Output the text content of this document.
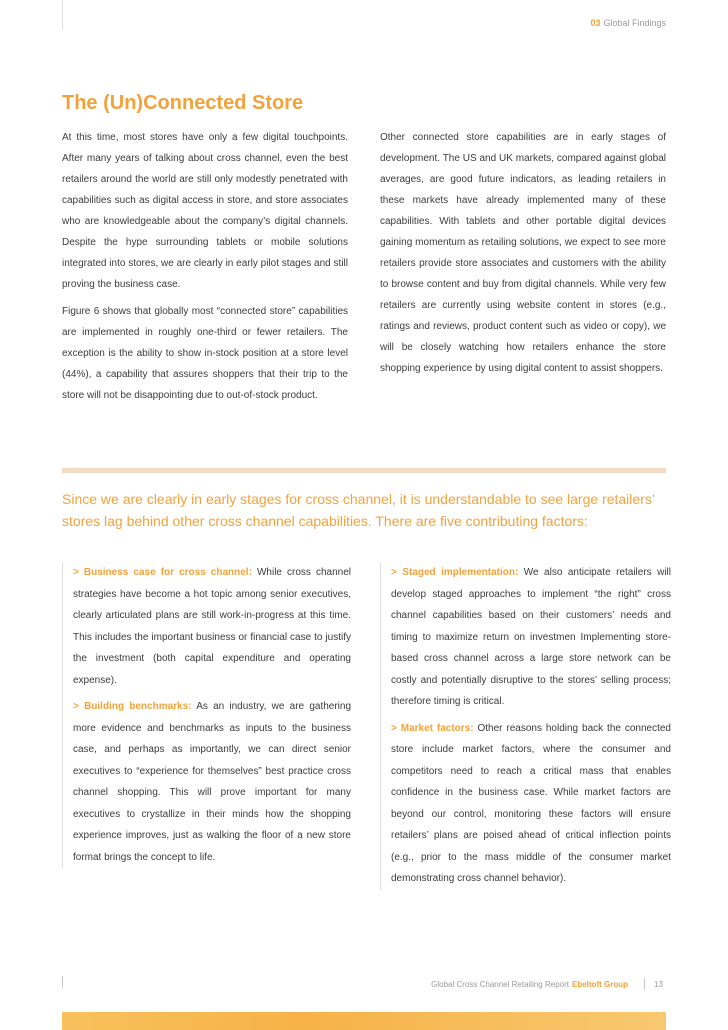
03 Global Findings
The (Un)Connected Store

At this time, most stores have only a few digital touchpoints. After many years of talking about cross channel, even the best retailers around the world are still only modestly penetrated with capabilities such as digital access in store, and store associates who are knowledgeable about the company’s digital channels. Despite the hype surrounding tablets or mobile solutions integrated into stores, we are clearly in early pilot stages and still proving the business case.

Figure 6 shows that globally most “connected store” capabilities are implemented in roughly one-third or fewer retailers. The exception is the ability to show in-stock position at a store level (44%), a capability that assures shoppers that their trip to the store will not be disappointing due to out-of-stock product.

Other connected store capabilities are in early stages of development. The US and UK markets, compared against global averages, are good future indicators, as leading retailers in these markets have already implemented many of these capabilities. With tablets and other portable digital devices gaining momentum as retailing solutions, we expect to see more retailers provide store associates and customers with the ability to browse content and buy from digital channels. While very few retailers are currently using website content in stores (e.g., ratings and reviews, product content such as video or copy), we will be closely watching how retailers enhance the store shopping experience by using digital content to assist shoppers.

Since we are clearly in early stages for cross channel, it is understandable to see large retailers’ stores lag behind other cross channel capabilities. There are five contributing factors:

> Business case for cross channel: While cross channel strategies have become a hot topic among senior executives, clearly articulated plans are still work-in-progress at this time. This includes the important business or financial case to justify the investment (both capital expenditure and operating expense).

> Building benchmarks: As an industry, we are gathering more evidence and benchmarks as inputs to the business case, and perhaps as importantly, we can direct senior executives to “experience for themselves” best practice cross channel shopping. This will prove important for many executives to crystallize in their minds how the shopping experience improves, just as walking the floor of a new store format brings the concept to life.

> Staged implementation: We also anticipate retailers will develop staged approaches to implement “the right” cross channel capabilities based on their customers’ needs and timing to maximize return on investmen Implementing store-based cross channel across a large store network can be costly and potentially disruptive to the stores’ selling process; therefore timing is critical.

> Market factors: Other reasons holding back the connected store include market factors, where the consumer and competitors need to reach a critical mass that enables confidence in the business case. While market factors are beyond our control, monitoring these factors will ensure retailers’ plans are poised ahead of critical inflection points (e.g., prior to the mass middle of the consumer market demonstrating cross channel behavior).

Global Cross Channel Retailing Report Ebeltoft Group	13
